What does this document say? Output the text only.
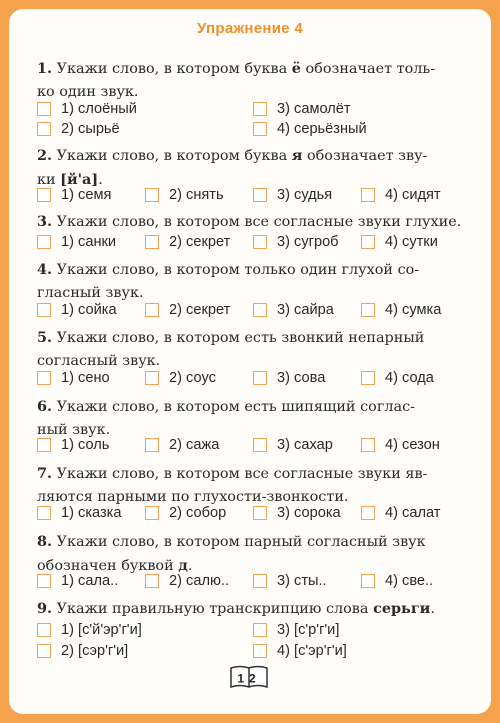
Упражнение 4
1. Укажи слово, в котором буква ё обозначает толь-
ко один звук.
1) слоёный	3) самолёт
2) сырьё	4) серьёзный
2. Укажи слово, в котором буква я обозначает зву-
ки [й'а].
1) семя	2) снять	3) судья	4) сидят
3. Укажи слово, в котором все согласные звуки глухие.
1) санки	2) секрет	3) сугроб	4) сутки
4. Укажи слово, в котором только один глухой со-
гласный звук.
1) сойка	2) секрет	3) сайра	4) сумка
5. Укажи слово, в котором есть звонкий непарный
согласный звук.
1) сено	2) соус	3) сова	4) сода
6. Укажи слово, в котором есть шипящий соглас-
ный звук.
1) соль	2) сажа	3) сахар	4) сезон
7. Укажи слово, в котором все согласные звуки яв-
ляются парными по глухости-звонкости.
1) сказка	2) собор	3) сорока	4) салат
8. Укажи слово, в котором парный согласный звук
обозначен буквой д.
1) сала..	2) салю..	3) сты..	4) све..
9. Укажи правильную транскрипцию слова серьги.
1) [с'й'эр'г'и]	3) [с'р'г'и]
2) [сэр'г'и]	4) [с'эр'г'и]
12
